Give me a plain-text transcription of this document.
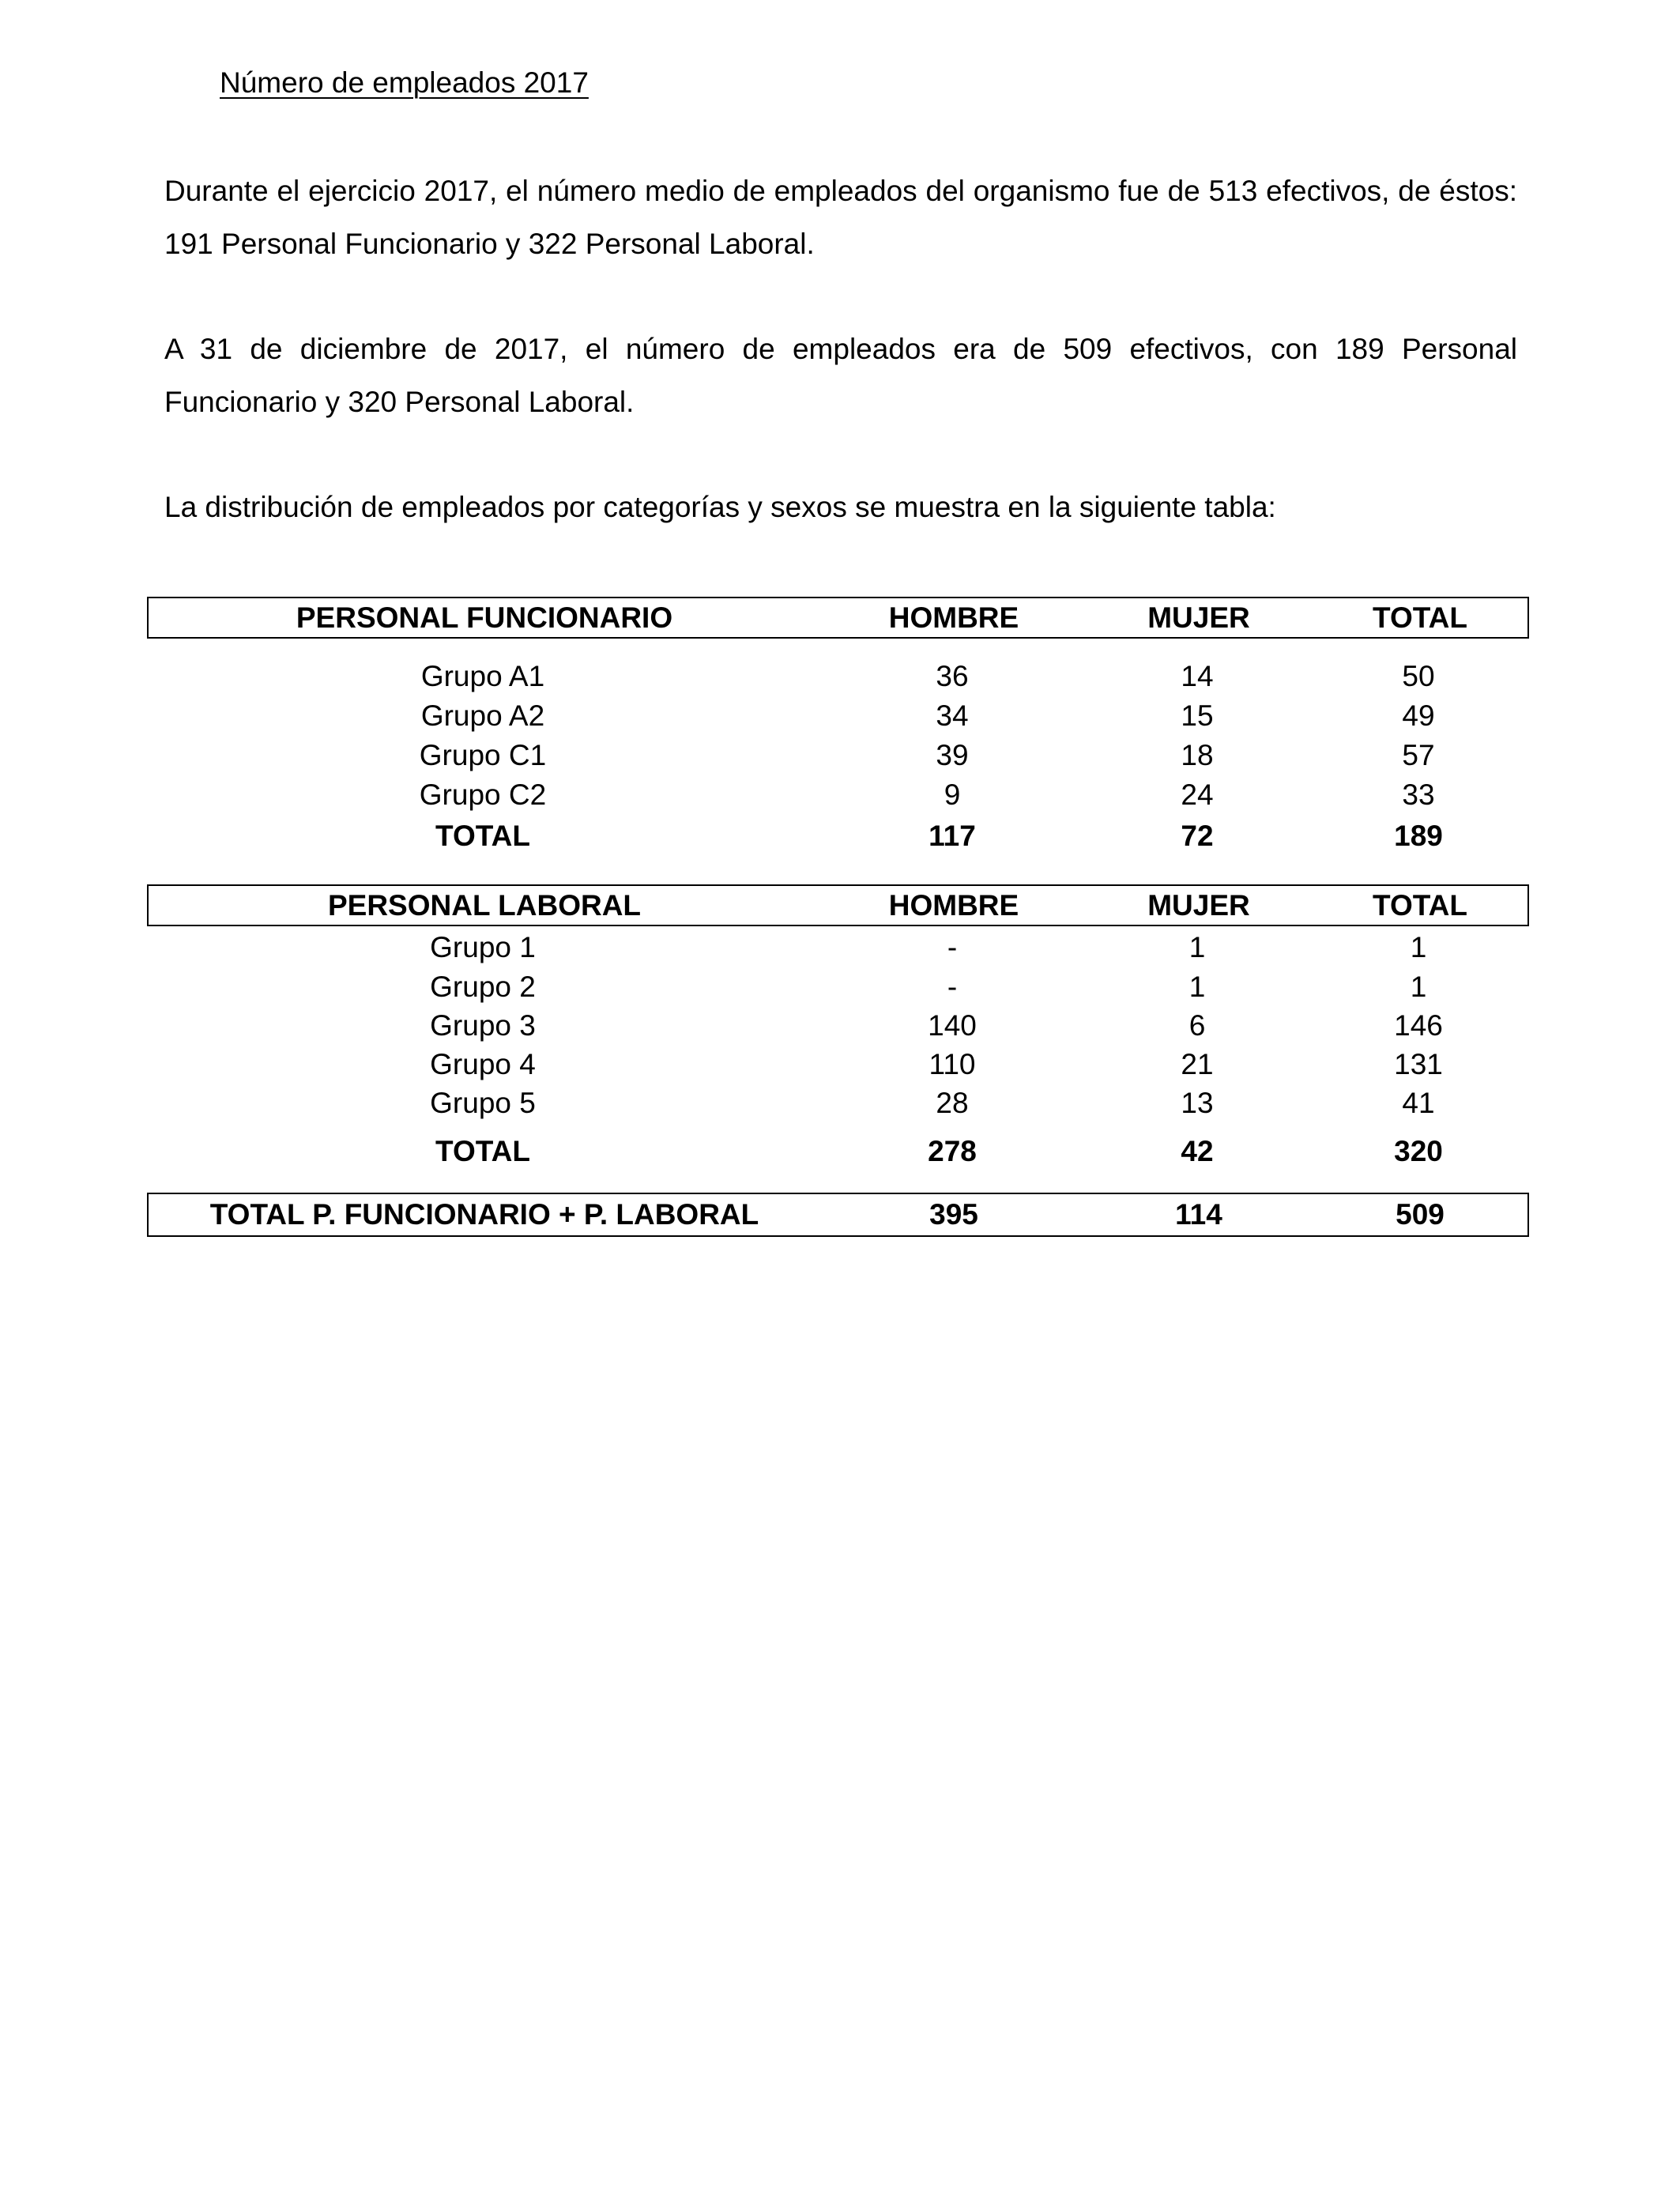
Número de empleados 2017

Durante el ejercicio 2017, el número medio de empleados del organismo fue de 513 efectivos, de éstos: 191 Personal Funcionario y 322 Personal Laboral.

A 31 de diciembre de 2017, el número de empleados era de 509 efectivos, con 189 Personal Funcionario y 320 Personal Laboral.

La distribución de empleados por categorías y sexos se muestra en la siguiente tabla:

PERSONAL FUNCIONARIO	HOMBRE	MUJER	TOTAL
Grupo A1	36	14	50
Grupo A2	34	15	49
Grupo C1	39	18	57
Grupo C2	9	24	33
TOTAL	117	72	189
PERSONAL LABORAL	HOMBRE	MUJER	TOTAL
Grupo 1	-	1	1
Grupo 2	-	1	1
Grupo 3	140	6	146
Grupo 4	110	21	131
Grupo 5	28	13	41
TOTAL	278	42	320
TOTAL P. FUNCIONARIO + P. LABORAL	395	114	509
